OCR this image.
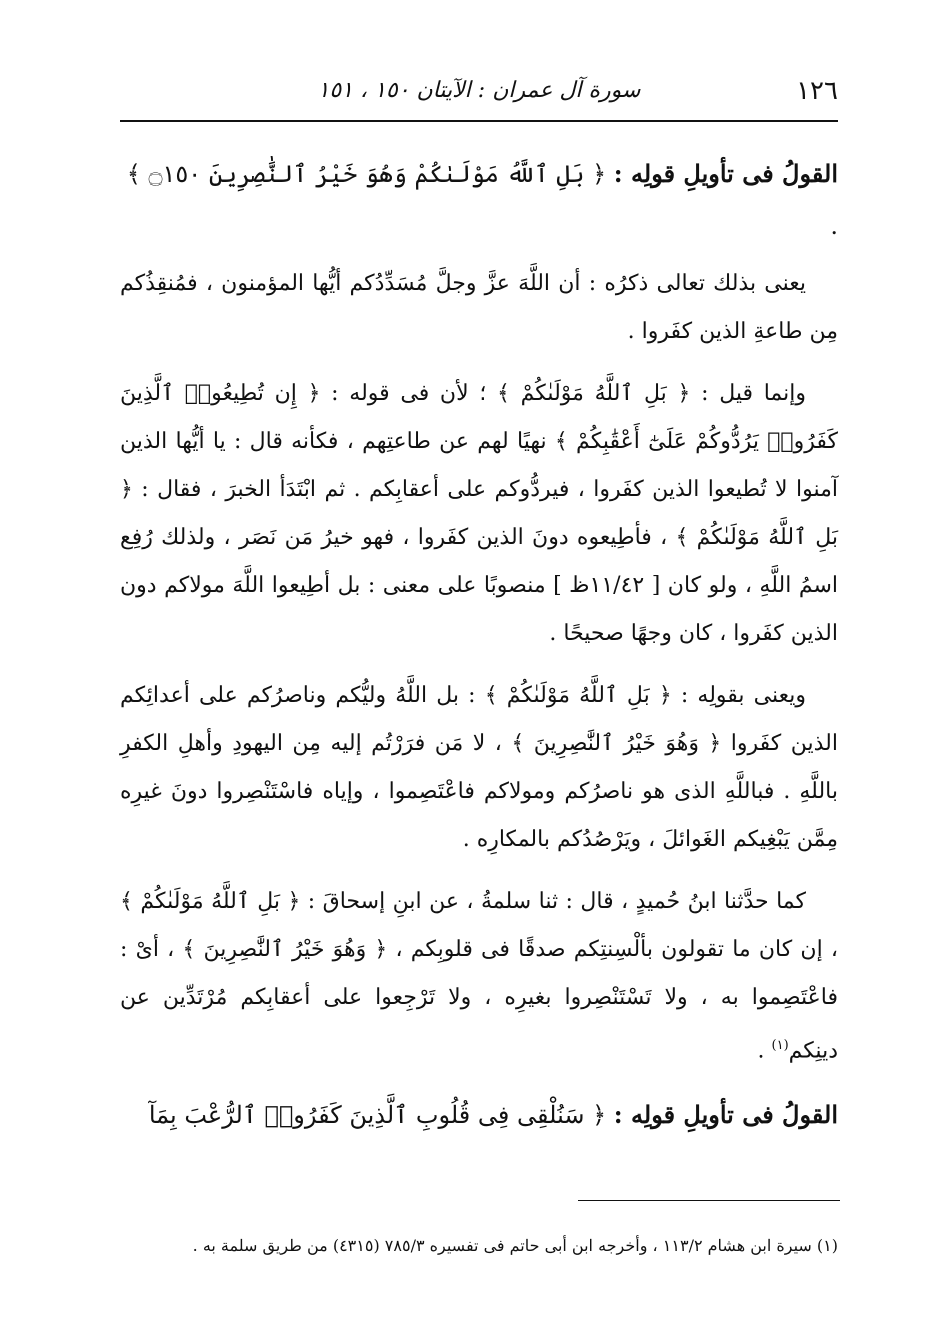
١٢٦
سورة آل عمران : الآيتان ١٥٠ ، ١٥١

القولُ فى تأويلِ قولِه : ﴿ بَلِ ٱللَّهُ مَوْلَىٰكُمْ وَهُوَ خَيْرُ ٱلنَّٰصِرِينَ ۝١٥٠ ﴾ .

يعنى بذلك تعالى ذكرُه : أن اللَّهَ عزَّ وجلَّ مُسَدِّدُكم أيُّها المؤمنون ، فمُنقِذُكم مِن طاعةِ الذين كفَروا .

وإنما قيل : ﴿ بَلِ ٱللَّهُ مَوْلَىٰكُمْ ﴾ ؛ لأن فى قوله : ﴿ إِن تُطِيعُوا۟ ٱلَّذِينَ كَفَرُوا۟ يَرُدُّوكُمْ عَلَىٰٓ أَعْقَٰبِكُمْ ﴾ نهيًا لهم عن طاعتِهم ، فكأنه قال : يا أيُّها الذين آمنوا لا تُطيعوا الذين كفَروا ، فيردُّوكم على أعقابِكم . ثم ابْتَدَأ الخبرَ ، فقال : ﴿ بَلِ ٱللَّهُ مَوْلَىٰكُمْ ﴾ ، فأطِيعوه دونَ الذين كفَروا ، فهو خيرُ مَن نَصَر ، ولذلك رُفِع اسمُ اللَّهِ ، ولو كان [ ١١/٤٢ظ ] منصوبًا على معنى : بل أطِيعوا اللَّهَ مولاكم دون الذين كفَروا ، كان وجهًا صحيحًا .

ويعنى بقولِه : ﴿ بَلِ ٱللَّهُ مَوْلَىٰكُمْ ﴾ : بل اللَّهُ وليُّكم وناصرُكم على أعدائِكم الذين كفَروا ﴿ وَهُوَ خَيْرُ ٱلنَّٰصِرِينَ ﴾ ، لا مَن فرَرْتُم إليه مِن اليهودِ وأهلِ الكفرِ باللَّهِ . فباللَّهِ الذى هو ناصرُكم ومولاكم فاعْتَصِموا ، وإياه فاسْتَنْصِروا دونَ غيرِه مِمَّن يَبْغِيكم الغَوائلَ ، ويَرْصُدُكم بالمكارِه .

كما حدَّثنا ابنُ حُميدٍ ، قال : ثنا سلمةُ ، عن ابنِ إسحاقَ : ﴿ بَلِ ٱللَّهُ مَوْلَىٰكُمْ ﴾ ، إن كان ما تقولون بألْسِنتِكم صدقًا فى قلوبِكم ، ﴿ وَهُوَ خَيْرُ ٱلنَّٰصِرِينَ ﴾ ، أىْ : فاعْتَصِموا به ، ولا تَسْتَنْصِروا بغيرِه ، ولا تَرْجِعوا على أعقابِكم مُرْتَدِّين عن دينِكم$^{(١)}$ .

القولُ فى تأويلِ قولِه : ﴿ سَنُلْقِى فِى قُلُوبِ ٱلَّذِينَ كَفَرُوا۟ ٱلرُّعْبَ بِمَآ

(١) سيرة ابن هشام ١١٣/٢ ، وأخرجه ابن أبى حاتم فى تفسيره ٧٨٥/٣ (٤٣١٥) من طريق سلمة به .
